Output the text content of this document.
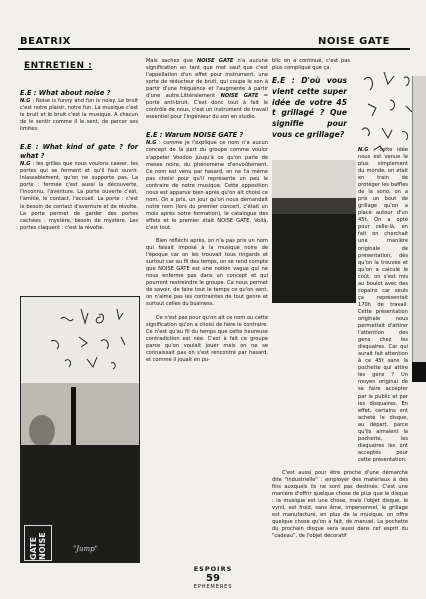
BEATRIX	NOISE GATE
ENTRETIEN :
E.E : What about noise ?

N.G : Noise is funny and fun is noisy. Le bruit c'est notre plaisir, notre fun. La musique c'est le bruit et le bruit c'est la musique. A chacun de le sentir comme il le sent, de percer ses limites.

E.E : What kind of gate ? for what ?

N.G : les grilles que nous voulons casser, les portes qui se ferment et qu'il faut ouvrir. Inlassablement, qu'on ne supporte pas. La porte : fermée c'est aussi la découverte, l'inconnu, l'aventure. La porte ouverte c'est, l'amitié, le contact, l'accueil. La porte : c'est le besoin de contact d'aventure et de révolte. La porte permet de garder des portes cachées : mystère, besoin de mystère. Les portes claquent : c'est la révolte.

GATE NOISE	"Jump"

Mais sachez que NOISE GATE n'a aucune signification en tant que mot sauf que c'est l'appellation d'un effet pour instrument, une sorte de réducteur de bruit, qui coupe le son à partir d'une fréquence et l'augmente à partir d'une autre.Littéralement NOISE GATE = porte anti-bruit. C'est donc tout à fait le contrôle de nous, c'est un instrument de travail essentiel pour l'ingénieur du son en studio.

E.E : Warum NOISE GATE ?

N.G : comme je l'explique ce nom n'a aucun concept de la part du groupe comme voulor s'appeler Voodoo jusqu'à ce qu'on parle de messe noire, du phénomène d'envoûtement. Ce nom est venu par hasard, on ne l'a même pas choisi pour qu'il représente un peu le contraire de notre musique. Cette opposition nous est apparue bien après qu'on ait choisi ce nom. On a pris, un jour qu'on nous demandait notre nom (lors du premier concert, c'était un mois après notre formation), le catalogue des effets et le premier était NOISE GATE. Voilà, c'est tout.

Bien réfléchi après, on n'a pas pris un nom qui faisait imposé à la musique noire de l'époque car on les trouvait tous ringards et surtout car au fil des temps, on se rend compte que NOISE GATE est une notion vague qui ne nous enferme pas dans un concept et qui pourront restreindre le groupe. Ca nous permet de savoir, de faire tout le temps ce qu'on sent, on n'aime pas les contraintes de tout genre et surtout celles du business.

Ce n'est pas pour qu'on ait ce nom ou cette signification qu'on a choisi de faire le contraire. Ce n'est qu'au fil du temps que cette heureuse contradiction est née. C'est à fait ce groupe parce qu'on voulait jouer mais on ne se connaissait pas on s'est rencontré par hasard, et comme il jouait en pu-

blic on a continué, c'est pas plus compliqué que ça.

E.E : D'où vous vient cette super idée de votre 45 t grillagé ? Que signifie pour vous ce grillage?

N.G : cette idée nous est venue le plus simplement du monde, on était en train de protéger les baffles de la sono, on a pris un bout de grillage qu'on a placé autour d'un 45t. On a opté pour celle-là, en fait on cherchait une manière originale de présentation, dès qu'on la trouvée et qu'on a calculé le coût, on s'est mis au boulot avec des copains car seuls ça représentait 170h de travail. Cette présentation originale nous permettait d'attirer l'attention des gens chez les disquaires. Car qui aurait fait attention à ce 45t sans la pochette qui attire les gens ? Un moyen original de se faire accepter par le public et par les disquaires. En effet, certains ont acheté le disque, au départ, parce qu'ils aimaient la pochette, les disquaires les ont acceptés pour cette présentation.

C'est aussi pour être proche d'une démarche dite "industrielle" : employer des matériaux à des fins auxquels ils ne sont pas destinés. C'est une manière d'offrir quelque chose de plus que le disque : la musique est une chose, mais l'objet disque, le vynil, est froid, sans âme, impersonnel, le grillage est manufacturé, en plus de la musique, on offre quelque chose qu'on a fait, de manuel. La pochette du prochain disque sera aussi dans cet esprit du "cadeau", de l'objet décoratif

ESPOIRS
59
EPHEMERES
